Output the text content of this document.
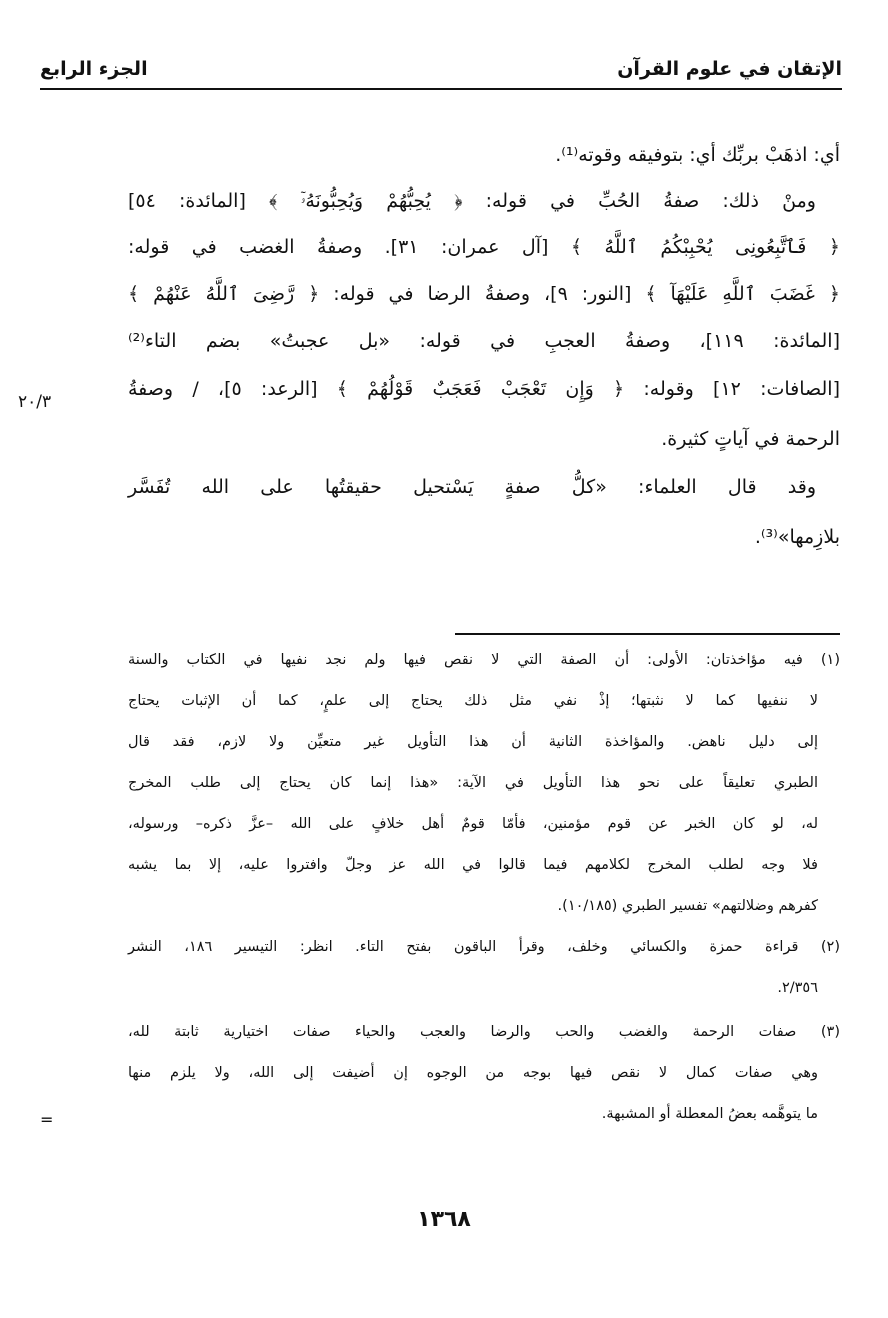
الإتقان في علوم القرآن
الجزء الرابع
أي: اذهَبْ بربِّك أي: بتوفيقه وقوته⁽¹⁾.
ومنْ ذلك: صفةُ الحُبِّ في قوله: ﴿ يُحِبُّهُمْ وَيُحِبُّونَهُۥٓ ﴾ [المائدة: ٥٤]
﴿ فَٱتَّبِعُونِى يُحْبِبْكُمُ ٱللَّهُ ﴾ [آل عمران: ٣١]. وصفةُ الغضب في قوله:
﴿ غَضَبَ ٱللَّهِ عَلَيْهَآ ﴾ [النور: ٩]، وصفةُ الرضا في قوله: ﴿ رَّضِىَ ٱللَّهُ عَنْهُمْ ﴾
[المائدة: ١١٩]، وصفةُ العجبِ في قوله: «بل عجبتُ» بضم التاء⁽²⁾
[الصافات: ١٢] وقوله: ﴿ وَإِن تَعْجَبْ فَعَجَبٌ قَوْلُهُمْ ﴾ [الرعد: ٥]، / وصفةُ
الرحمة في آياتٍ كثيرة.
وقد قال العلماء: «كلُّ صفةٍ يَسْتحيل حقيقتُها على الله تُفَسَّر
بلازِمها»⁽³⁾.
٢٠/٣
(١) فيه مؤاخذتان: الأولى: أن الصفة التي لا نقص فيها ولم نجد نفيها في الكتاب والسنة
لا ننفيها كما لا نثبتها؛ إذْ نفي مثل ذلك يحتاج إلى علمٍ، كما أن الإثبات يحتاج
إلى دليل ناهض. والمؤاخذة الثانية أن هذا التأويل غير متعيِّن ولا لازم، فقد قال
الطبري تعليقاً على نحو هذا التأويل في الآية: «هذا إنما كان يحتاج إلى طلب المخرج
له، لو كان الخبر عن قوم مؤمنين، فأمّا قومٌ أهل خلافٍ على الله –عزَّ ذكره– ورسوله،
فلا وجه لطلب المخرج لكلامهم فيما قالوا في الله عز وجلّ وافتروا عليه، إلا بما يشبه
كفرهم وضلالتهم» تفسير الطبري (١٠/١٨٥).
(٢) قراءة حمزة والكسائي وخلف، وقرأ الباقون بفتح التاء. انظر: التيسير ١٨٦، النشر
٢/٣٥٦.
(٣) صفات الرحمة والغضب والحب والرضا والعجب والحياء صفات اختيارية ثابتة لله،
وهي صفات كمال لا نقص فيها بوجه من الوجوه إن أضيفت إلى الله، ولا يلزم منها
ما يتوهَّمه بعضُ المعطلة أو المشبهة.
=
١٣٦٨
